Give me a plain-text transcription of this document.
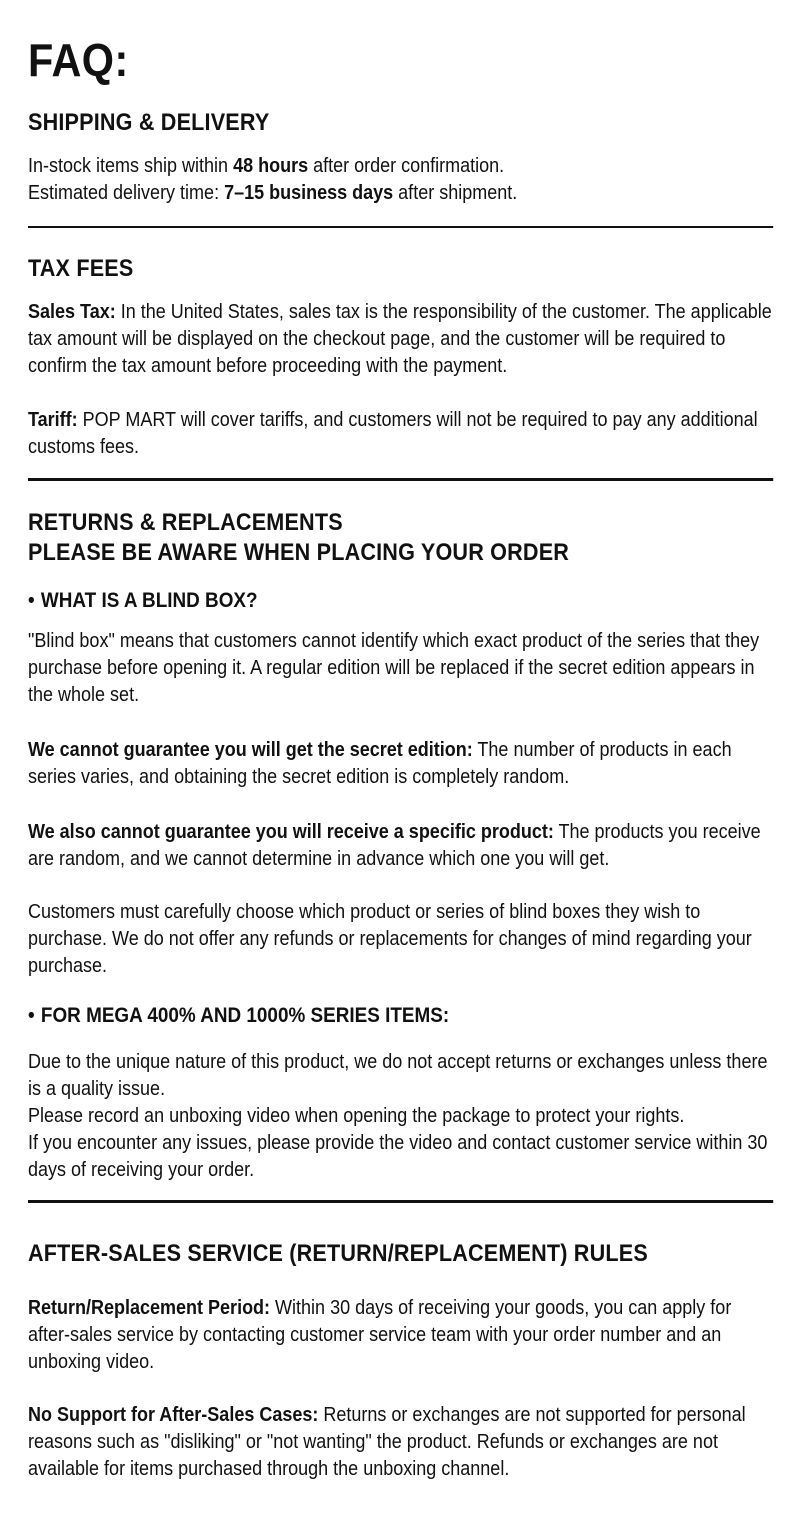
FAQ:
SHIPPING & DELIVERY
In-stock items ship within 48 hours after order confirmation.
Estimated delivery time: 7–15 business days after shipment.
TAX FEES

Sales Tax: In the United States, sales tax is the responsibility of the customer. The applicable tax amount will be displayed on the checkout page, and the customer will be required to confirm the tax amount before proceeding with the payment.

Tariff: POP MART will cover tariffs, and customers will not be required to pay any additional customs fees.

RETURNS & REPLACEMENTS
PLEASE BE AWARE WHEN PLACING YOUR ORDER
• WHAT IS A BLIND BOX?

"Blind box" means that customers cannot identify which exact product of the series that they purchase before opening it. A regular edition will be replaced if the secret edition appears in the whole set.

We cannot guarantee you will get the secret edition: The number of products in each series varies, and obtaining the secret edition is completely random.

We also cannot guarantee you will receive a specific product: The products you receive are random, and we cannot determine in advance which one you will get.

Customers must carefully choose which product or series of blind boxes they wish to purchase. We do not offer any refunds or replacements for changes of mind regarding your purchase.

• FOR MEGA 400% AND 1000% SERIES ITEMS:

Due to the unique nature of this product, we do not accept returns or exchanges unless there is a quality issue.

Please record an unboxing video when opening the package to protect your rights.

If you encounter any issues, please provide the video and contact customer service within 30 days of receiving your order.

AFTER-SALES SERVICE (RETURN/REPLACEMENT) RULES

Return/Replacement Period: Within 30 days of receiving your goods, you can apply for after-sales service by contacting customer service team with your order number and an unboxing video.

No Support for After-Sales Cases: Returns or exchanges are not supported for personal reasons such as "disliking" or "not wanting" the product. Refunds or exchanges are not available for items purchased through the unboxing channel.
